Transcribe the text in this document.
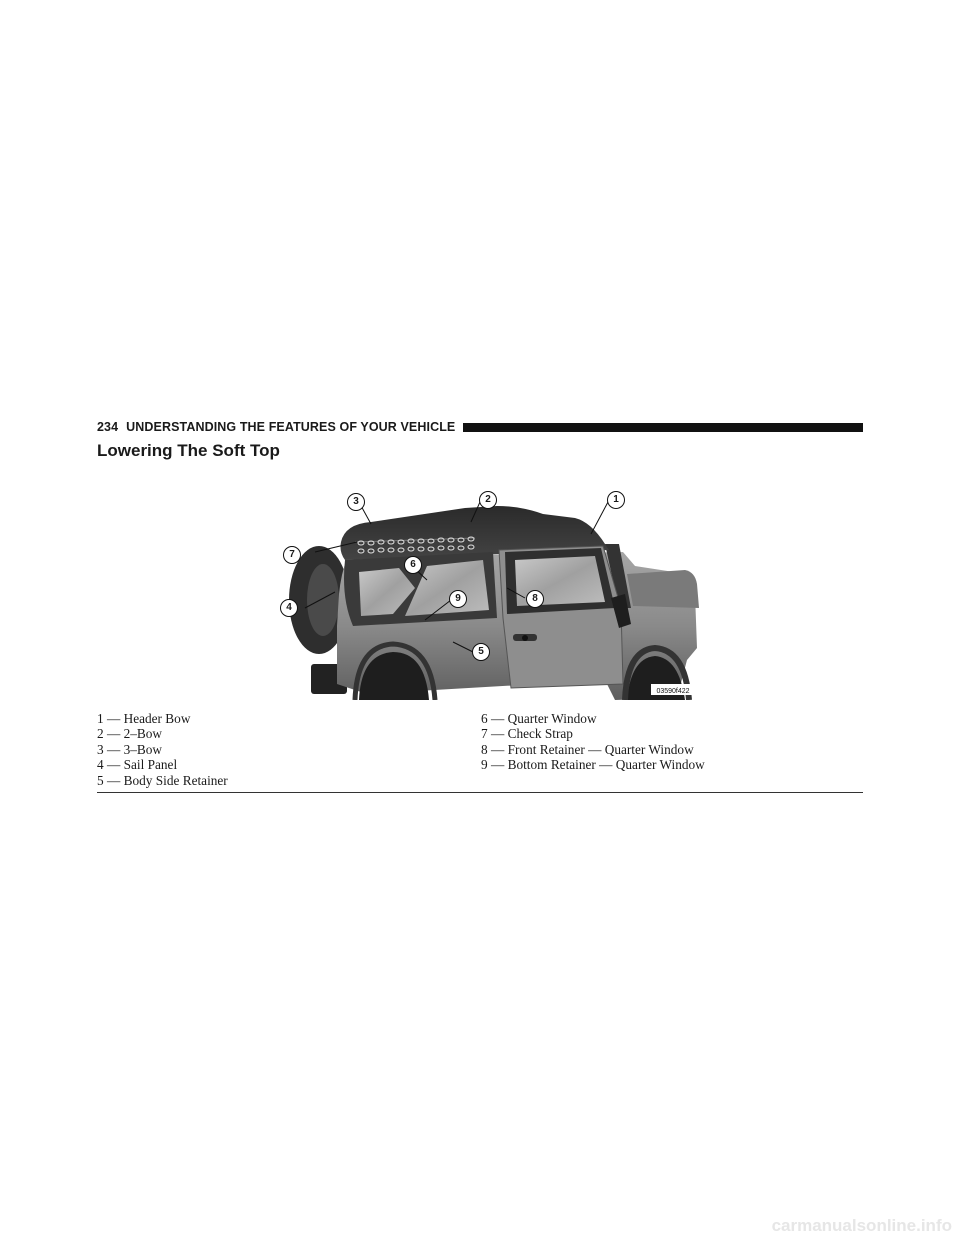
234 UNDERSTANDING THE FEATURES OF YOUR VEHICLE
Lowering The Soft Top
03590f422
1
2
3
7
6
4
9	8
5
1 — Header Bow
2 — 2–Bow
3 — 3–Bow
4 — Sail Panel
5 — Body Side Retainer
6 — Quarter Window
7 — Check Strap
8 — Front Retainer — Quarter Window
9 — Bottom Retainer — Quarter Window
carmanualsonline.info
